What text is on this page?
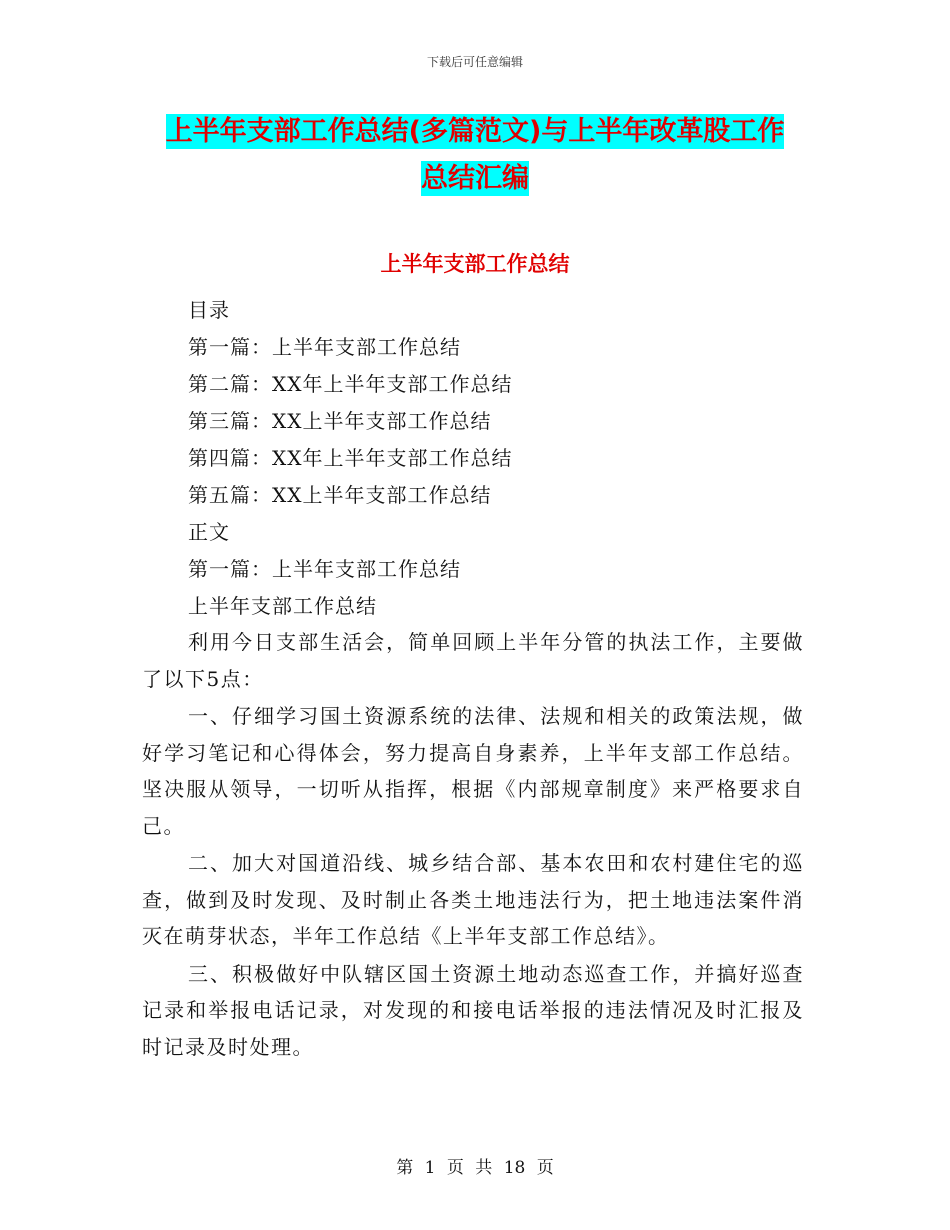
下载后可任意编辑
上半年支部工作总结(多篇范文)与上半年改革股工作
总结汇编
上半年支部工作总结
目录
第一篇：上半年支部工作总结
第二篇：XX年上半年支部工作总结
第三篇：XX上半年支部工作总结
第四篇：XX年上半年支部工作总结
第五篇：XX上半年支部工作总结
正文
第一篇：上半年支部工作总结
上半年支部工作总结

利用今日支部生活会，简单回顾上半年分管的执法工作，主要做了以下5点：

一、仔细学习国土资源系统的法律、法规和相关的政策法规，做好学习笔记和心得体会，努力提高自身素养，上半年支部工作总结。坚决服从领导，一切听从指挥，根据《内部规章制度》来严格要求自己。

二、加大对国道沿线、城乡结合部、基本农田和农村建住宅的巡查，做到及时发现、及时制止各类土地违法行为，把土地违法案件消灭在萌芽状态，半年工作总结《上半年支部工作总结》。

三、积极做好中队辖区国土资源土地动态巡查工作，并搞好巡查记录和举报电话记录，对发现的和接电话举报的违法情况及时汇报及时记录及时处理。

第 1 页 共 18 页
